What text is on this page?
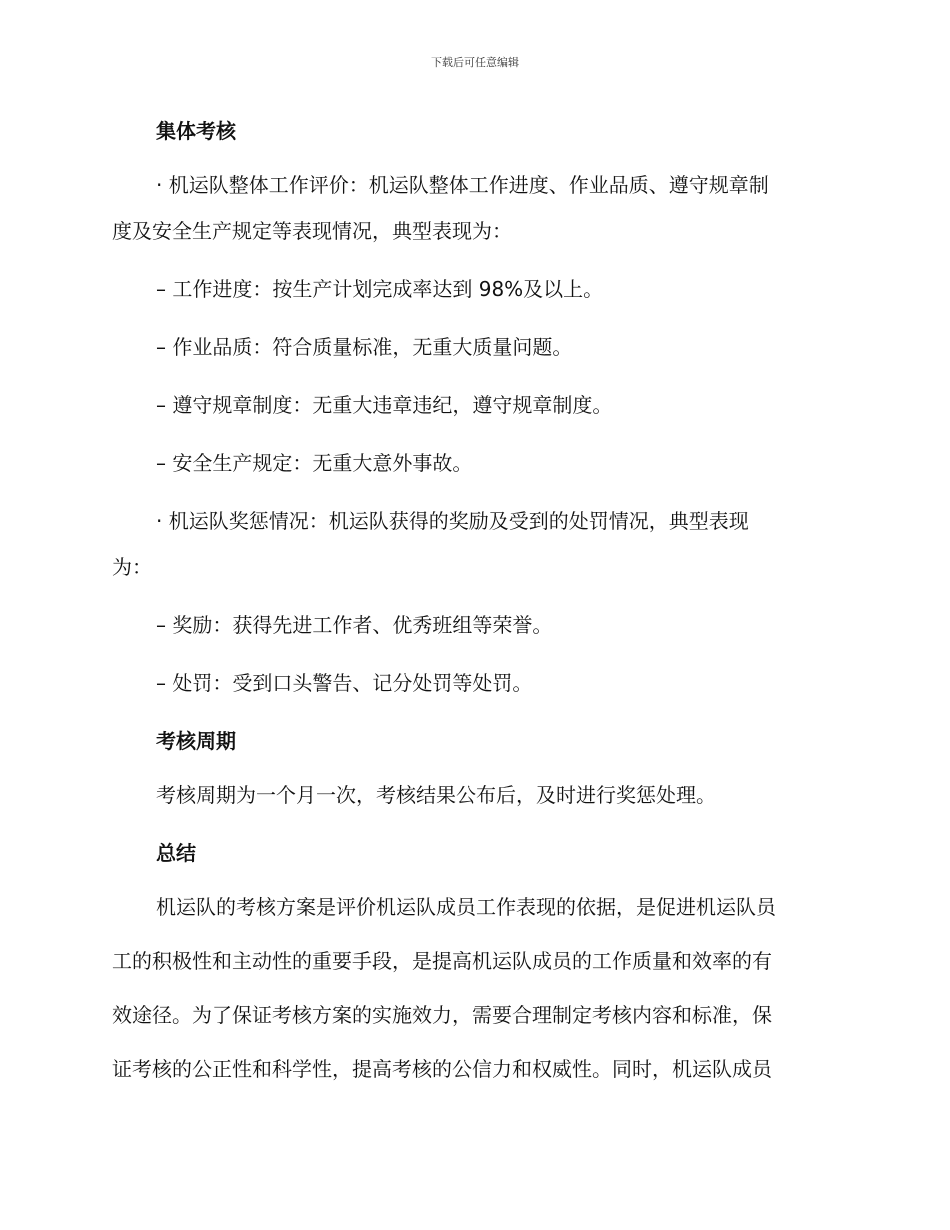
下载后可任意编辑

集体考核

· 机运队整体工作评价：机运队整体工作进度、作业品质、遵守规章制

度及安全生产规定等表现情况，典型表现为：

– 工作进度：按生产计划完成率达到 98%及以上。

– 作业品质：符合质量标准，无重大质量问题。

– 遵守规章制度：无重大违章违纪，遵守规章制度。

– 安全生产规定：无重大意外事故。

· 机运队奖惩情况：机运队获得的奖励及受到的处罚情况，典型表现

为：

– 奖励：获得先进工作者、优秀班组等荣誉。

– 处罚：受到口头警告、记分处罚等处罚。

考核周期

考核周期为一个月一次，考核结果公布后，及时进行奖惩处理。

总结

机运队的考核方案是评价机运队成员工作表现的依据，是促进机运队员

工的积极性和主动性的重要手段，是提高机运队成员的工作质量和效率的有

效途径。为了保证考核方案的实施效力，需要合理制定考核内容和标准，保

证考核的公正性和科学性，提高考核的公信力和权威性。同时，机运队成员
